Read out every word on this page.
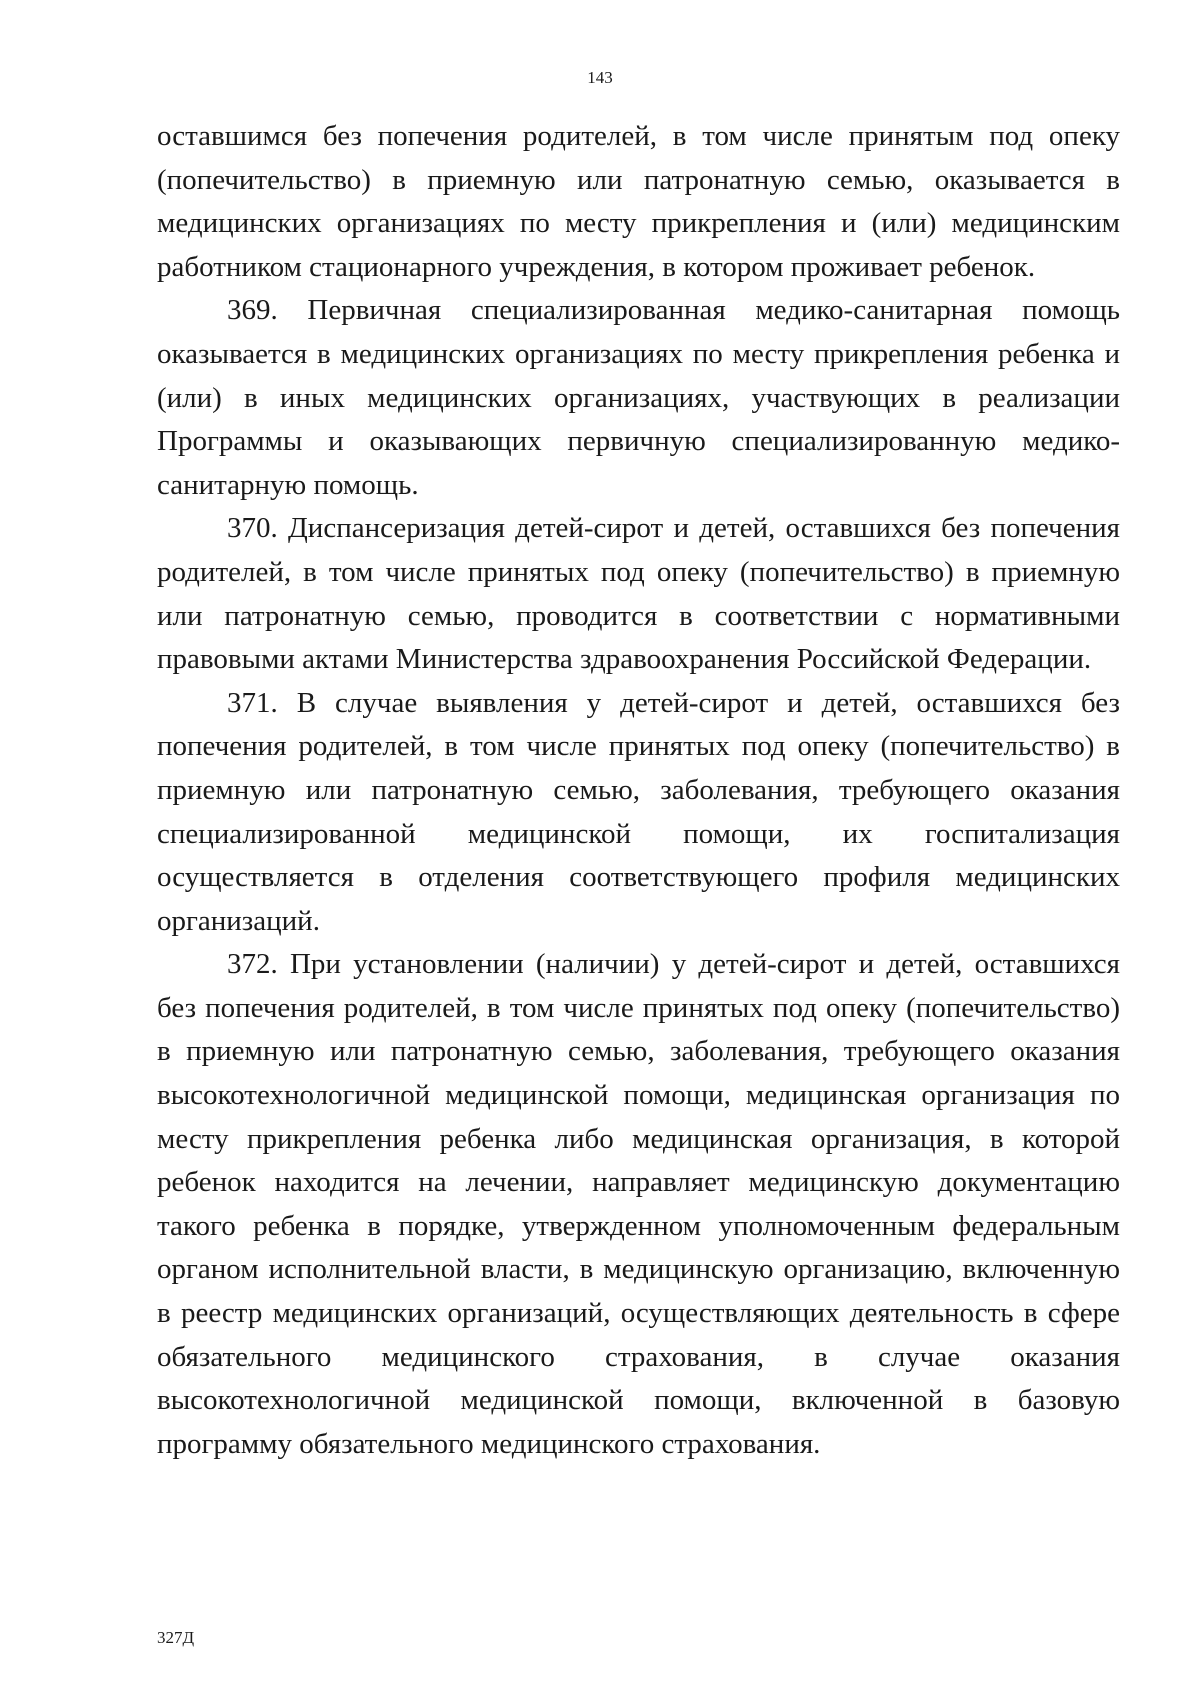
143

оставшимся без попечения родителей, в том числе принятым под опеку (попечительство) в приемную или патронатную семью, оказывается в медицинских организациях по месту прикрепления и (или) медицинским работником стационарного учреждения, в котором проживает ребенок.

369. Первичная специализированная медико-санитарная помощь оказывается в медицинских организациях по месту прикрепления ребенка и (или) в иных медицинских организациях, участвующих в реализации Программы и оказывающих первичную специализированную медико-санитарную помощь.

370. Диспансеризация детей-сирот и детей, оставшихся без попечения родителей, в том числе принятых под опеку (попечительство) в приемную или патронатную семью, проводится в соответствии с нормативными правовыми актами Министерства здравоохранения Российской Федерации.

371. В случае выявления у детей-сирот и детей, оставшихся без попечения родителей, в том числе принятых под опеку (попечительство) в приемную или патронатную семью, заболевания, требующего оказания специализированной медицинской помощи, их госпитализация осуществляется в отделения соответствующего профиля медицинских организаций.

372. При установлении (наличии) у детей-сирот и детей, оставшихся без попечения родителей, в том числе принятых под опеку (попечительство) в приемную или патронатную семью, заболевания, требующего оказания высокотехнологичной медицинской помощи, медицинская организация по месту прикрепления ребенка либо медицинская организация, в которой ребенок находится на лечении, направляет медицинскую документацию такого ребенка в порядке, утвержденном уполномоченным федеральным органом исполнительной власти, в медицинскую организацию, включенную в реестр медицинских организаций, осуществляющих деятельность в сфере обязательного медицинского страхования, в случае оказания высокотехнологичной медицинской помощи, включенной в базовую программу обязательного медицинского страхования.

327Д
